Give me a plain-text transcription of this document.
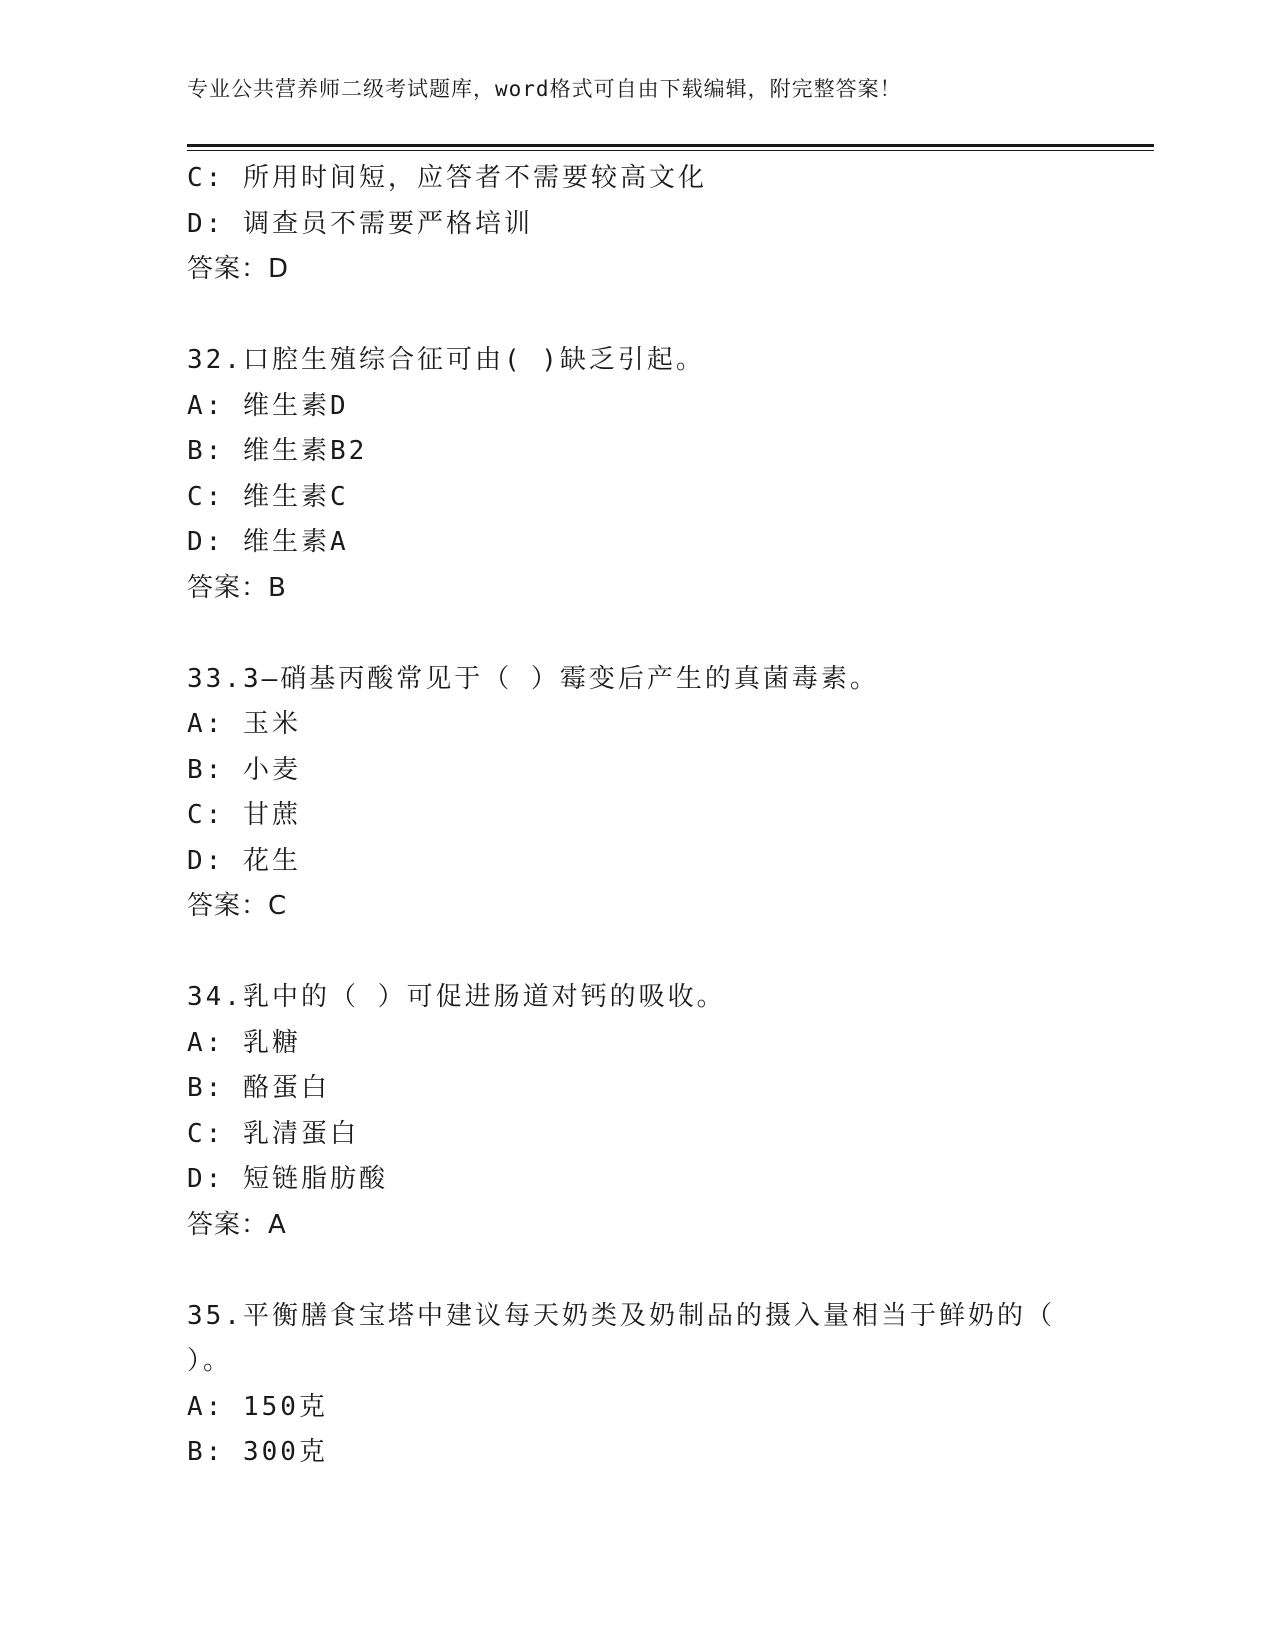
专业公共营养师二级考试题库，word格式可自由下载编辑，附完整答案！
C: 所用时间短，应答者不需要较高文化
D: 调查员不需要严格培训
答案：D
32.口腔生殖综合征可由( )缺乏引起。
A: 维生素D
B: 维生素B2
C: 维生素C
D: 维生素A
答案：B
33.3—硝基丙酸常见于（ ）霉变后产生的真菌毒素。
A: 玉米
B: 小麦
C: 甘蔗
D: 花生
答案：C
34.乳中的（ ）可促进肠道对钙的吸收。
A: 乳糖
B: 酪蛋白
C: 乳清蛋白
D: 短链脂肪酸
答案：A
35.平衡膳食宝塔中建议每天奶类及奶制品的摄入量相当于鲜奶的（
）。
A: 150克
B: 300克
